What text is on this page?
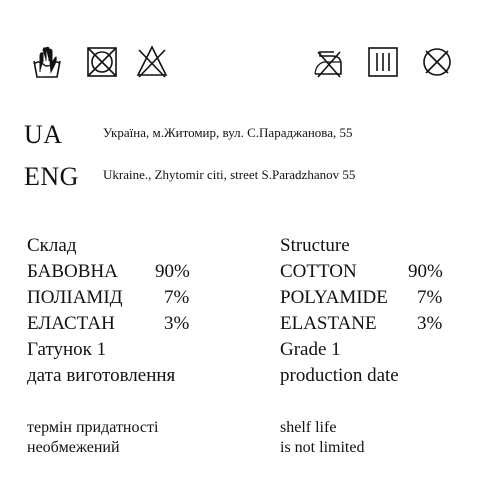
ʃ
UA	Україна, м.Житомир, вул. С.Параджанова, 55
ENG Ukraine., Zhytomir citi, street S.Paradzhanov 55
Склад
БАВОВНА 90%
ПОЛІАМІД 7%
ЕЛАСТАН	3%
Гатунок 1
дата виготовлення
Structure
COTTON	90%
POLYAMIDE 7%
ELASTANE 3%
Grade 1
production date
термін придатності
необмежений
shelf life
is not limited
